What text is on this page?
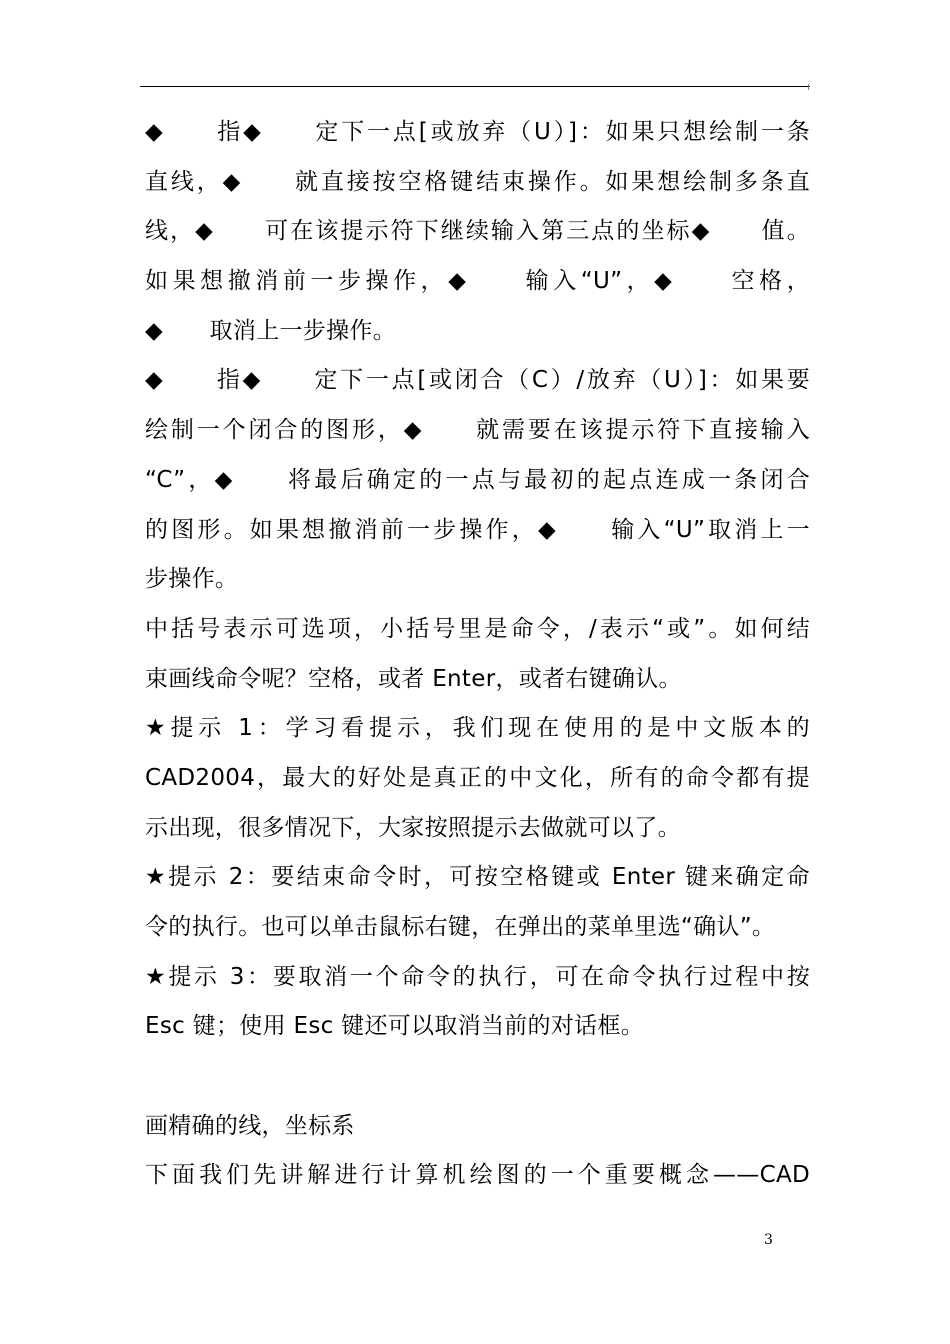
◆　　指◆　　定下一点[或放弃（U）]：如果只想绘制一条
直线，◆　　就直接按空格键结束操作。如果想绘制多条直
线，◆　　可在该提示符下继续输入第三点的坐标◆　　值。
如果想撤消前一步操作，◆　　输入“U”，◆　　空格，
◆　　取消上一步操作。
◆　　指◆　　定下一点[或闭合（C）/放弃（U）]：如果要
绘制一个闭合的图形，◆　　就需要在该提示符下直接输入
“C”，◆　　将最后确定的一点与最初的起点连成一条闭合
的图形。如果想撤消前一步操作，◆　　输入“U”取消上一
步操作。
中括号表示可选项，小括号里是命令，/表示“或”。如何结
束画线命令呢？空格，或者 Enter，或者右键确认。
★提示 1：学习看提示，我们现在使用的是中文版本的
CAD2004，最大的好处是真正的中文化，所有的命令都有提
示出现，很多情况下，大家按照提示去做就可以了。
★提示 2：要结束命令时，可按空格键或 Enter 键来确定命
令的执行。也可以单击鼠标右键，在弹出的菜单里选“确认”。
★提示 3：要取消一个命令的执行，可在命令执行过程中按
Esc 键；使用 Esc 键还可以取消当前的对话框。
画精确的线，坐标系
下面我们先讲解进行计算机绘图的一个重要概念——CAD
3
